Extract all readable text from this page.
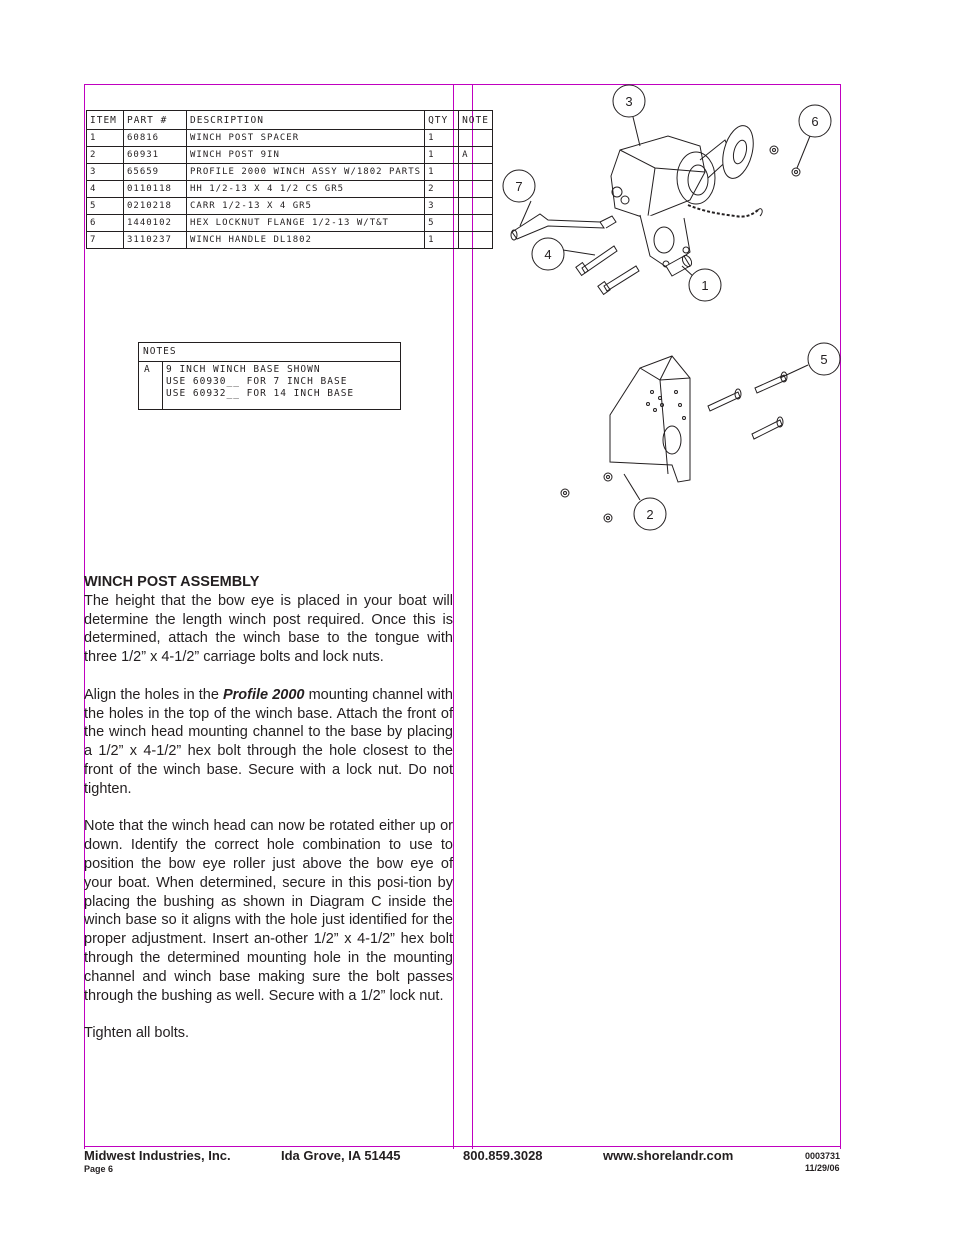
ITEM	PART #	DESCRIPTION	QTY	NOTE
1	60816	WINCH POST SPACER	1	
2	60931	WINCH POST 9IN	1	A
3	65659	PROFILE 2000 WINCH ASSY W/1802 PARTS	1	
4	0110118	HH 1/2-13 X 4 1/2 CS GR5	2	
5	0210218	CARR 1/2-13 X 4 GR5	3	
6	1440102	HEX LOCKNUT FLANGE 1/2-13 W/T&T	5	
7	3110237	WINCH HANDLE DL1802	1	
NOTES
A 9 INCH WINCH BASE SHOWN
USE 60930__ FOR 7 INCH BASE
USE 60932__ FOR 14 INCH BASE
WINCH POST ASSEMBLY

The height that the bow eye is placed in your boat will determine the length winch post required. Once this is determined, attach the winch base to the tongue with three 1/2” x 4-1/2” carriage bolts and lock nuts.

Align the holes in the Profile 2000 mounting channel with the holes in the top of the winch base. Attach the front of the winch head mounting channel to the base by placing a 1/2” x 4-1/2” hex bolt through the hole closest to the front of the winch base. Secure with a lock nut. Do not tighten.

Note that the winch head can now be rotated either up or down. Identify the correct hole combination to use to position the bow eye roller just above the bow eye of your boat. When determined, secure in this posi-tion by placing the bushing as shown in Diagram C inside the winch base so it aligns with the hole just identified for the proper adjustment. Insert an-other 1/2” x 4-1/2” hex bolt through the determined mounting hole in the mounting channel and winch base making sure the bolt passes through the bushing as well. Secure with a 1/2” lock nut.

Tighten all bolts.

3
6
7
4
1
5
2
Midwest Industries, Inc.	Ida Grove, IA 51445	800.859.3028	www.shorelandr.com
Page 6
0003731
11/29/06
